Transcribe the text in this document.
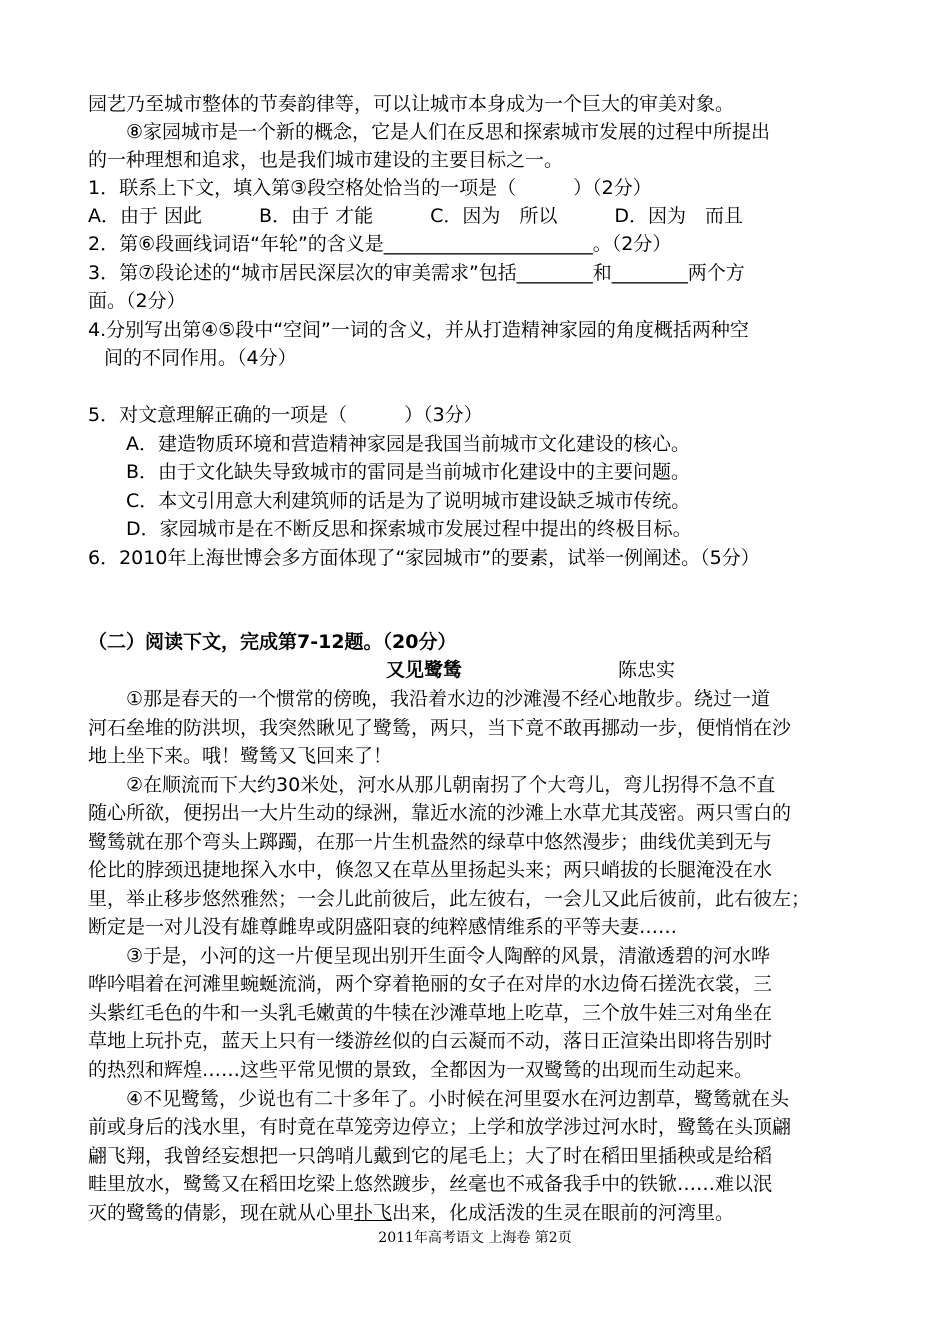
园艺乃至城市整体的节奏韵律等，可以让城市本身成为一个巨大的审美对象。
⑧家园城市是一个新的概念，它是人们在反思和探索城市发展的过程中所提出
的一种理想和追求，也是我们城市建设的主要目标之一。
1．联系上下文，填入第③段空格处恰当的一项是（　　　）（2分）
A．由于 因此　　　B．由于 才能　　　C．因为　所以　　　D．因为　而且
2．第⑥段画线词语“年轮”的含义是______________________。（2分）
3．第⑦段论述的“城市居民深层次的审美需求”包括________和________两个方
面。（2分）
4.分别写出第④⑤段中“空间”一词的含义，并从打造精神家园的角度概括两种空
间的不同作用。（4分）
5．对文意理解正确的一项是（　　　）（3分）
A．建造物质环境和营造精神家园是我国当前城市文化建设的核心。
B．由于文化缺失导致城市的雷同是当前城市化建设中的主要问题。
C．本文引用意大利建筑师的话是为了说明城市建设缺乏城市传统。
D．家园城市是在不断反思和探索城市发展过程中提出的终极目标。
6．2010年上海世博会多方面体现了“家园城市”的要素，试举一例阐述。（5分）
（二）阅读下文，完成第7-12题。（20分）
又见鹭鸶	陈忠实
①那是春天的一个惯常的傍晚，我沿着水边的沙滩漫不经心地散步。绕过一道
河石垒堆的防洪坝，我突然瞅见了鹭鸶，两只，当下竟不敢再挪动一步，便悄悄在沙
地上坐下来。哦！鹭鸶又飞回来了！
②在顺流而下大约30米处，河水从那儿朝南拐了个大弯儿，弯儿拐得不急不直
随心所欲，便拐出一大片生动的绿洲，靠近水流的沙滩上水草尤其茂密。两只雪白的
鹭鸶就在那个弯头上踯躅，在那一片生机盎然的绿草中悠然漫步；曲线优美到无与
伦比的脖颈迅捷地探入水中，倏忽又在草丛里扬起头来；两只峭拔的长腿淹没在水
里，举止移步悠然雅然；一会儿此前彼后，此左彼右，一会儿又此后彼前，此右彼左；
断定是一对儿没有雄尊雌卑或阴盛阳衰的纯粹感情维系的平等夫妻……
③于是，小河的这一片便呈现出别开生面令人陶醉的风景，清澈透碧的河水哗
哗吟唱着在河滩里蜿蜒流淌，两个穿着艳丽的女子在对岸的水边倚石搓洗衣裳，三
头紫红毛色的牛和一头乳毛嫩黄的牛犊在沙滩草地上吃草，三个放牛娃三对角坐在
草地上玩扑克，蓝天上只有一缕游丝似的白云凝而不动，落日正渲染出即将告别时
的热烈和辉煌……这些平常见惯的景致，全都因为一双鹭鸶的出现而生动起来。
④不见鹭鸶，少说也有二十多年了。小时候在河里耍水在河边割草，鹭鸶就在头
前或身后的浅水里，有时竟在草笼旁边停立；上学和放学涉过河水时，鹭鸶在头顶翩
翩飞翔，我曾经妄想把一只鸽哨儿戴到它的尾毛上；大了时在稻田里插秧或是给稻
畦里放水，鹭鸶又在稻田圪梁上悠然踱步，丝毫也不戒备我手中的铁锨……难以泯
灭的鹭鸶的倩影，现在就从心里扑飞出来，化成活泼的生灵在眼前的河湾里。
2011年高考语文 上海卷 第2页
